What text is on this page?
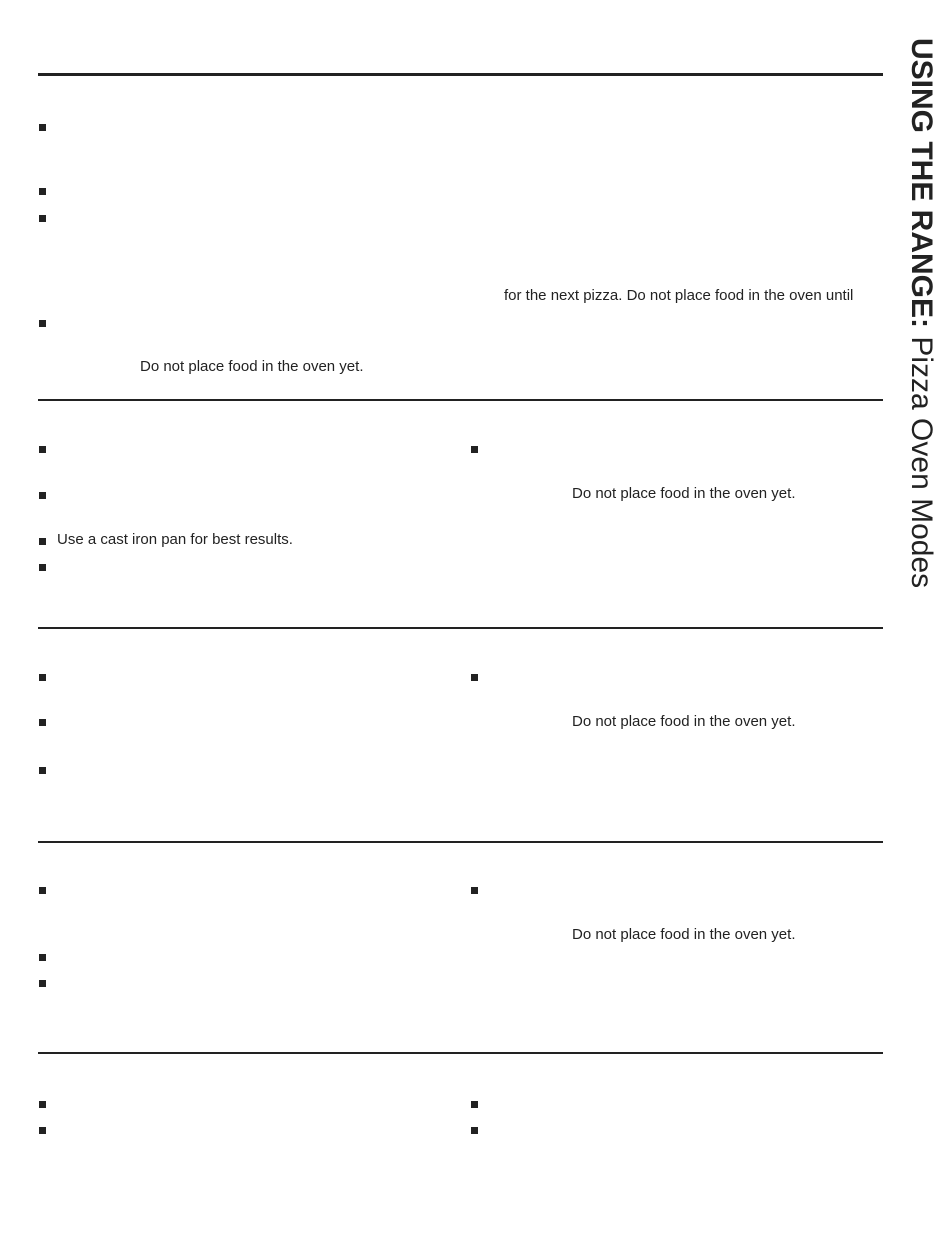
USING THE RANGE: Pizza Oven Modes
for the next pizza. Do not place food in the oven until
Do not place food in the oven yet.
Do not place food in the oven yet.
Use a cast iron pan for best results.
Do not place food in the oven yet.
Do not place food in the oven yet.
